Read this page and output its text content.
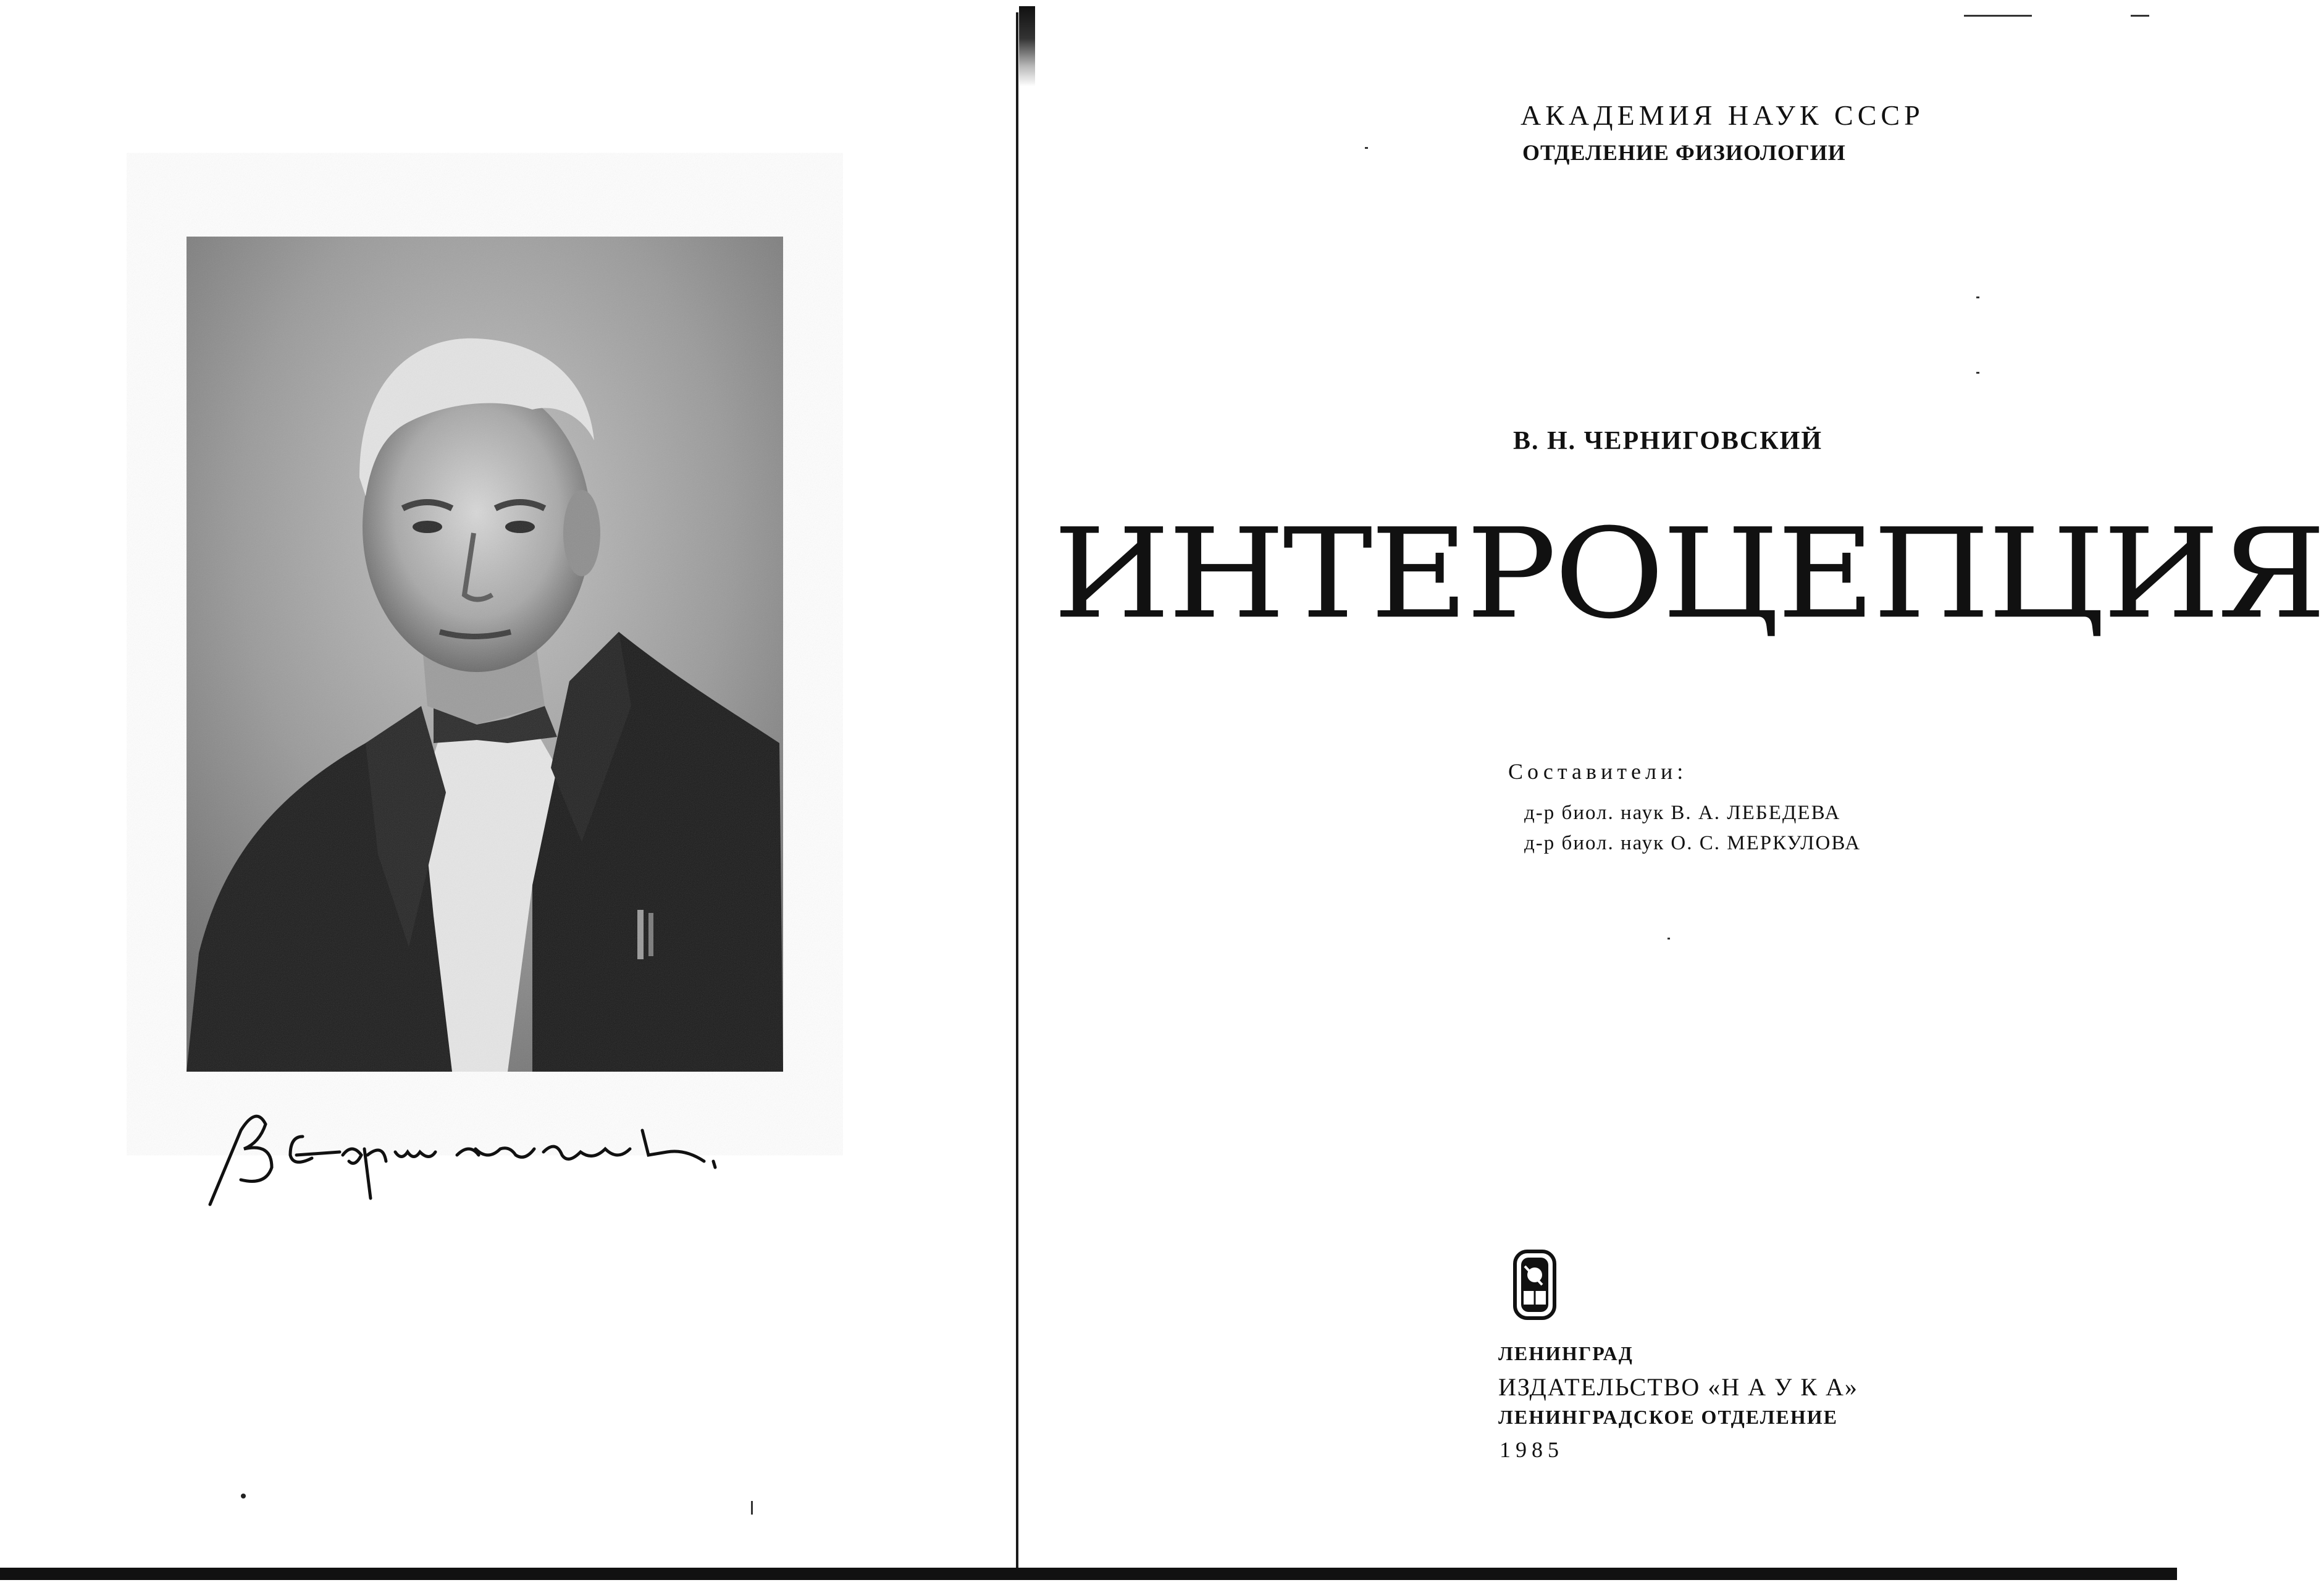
АКАДЕМИЯ НАУК СССР
ОТДЕЛЕНИЕ ФИЗИОЛОГИИ
В. Н. ЧЕРНИГОВСКИЙ
ИНТЕРОЦЕПЦИЯ
Составители:
д-р биол. наук В. А. ЛЕБЕДЕВА
д-р биол. наук О. С. МЕРКУЛОВА
ЛЕНИНГРАД
ИЗДАТЕЛЬСТВО «Н А У К А»
ЛЕНИНГРАДСКОЕ ОТДЕЛЕНИЕ
1985
